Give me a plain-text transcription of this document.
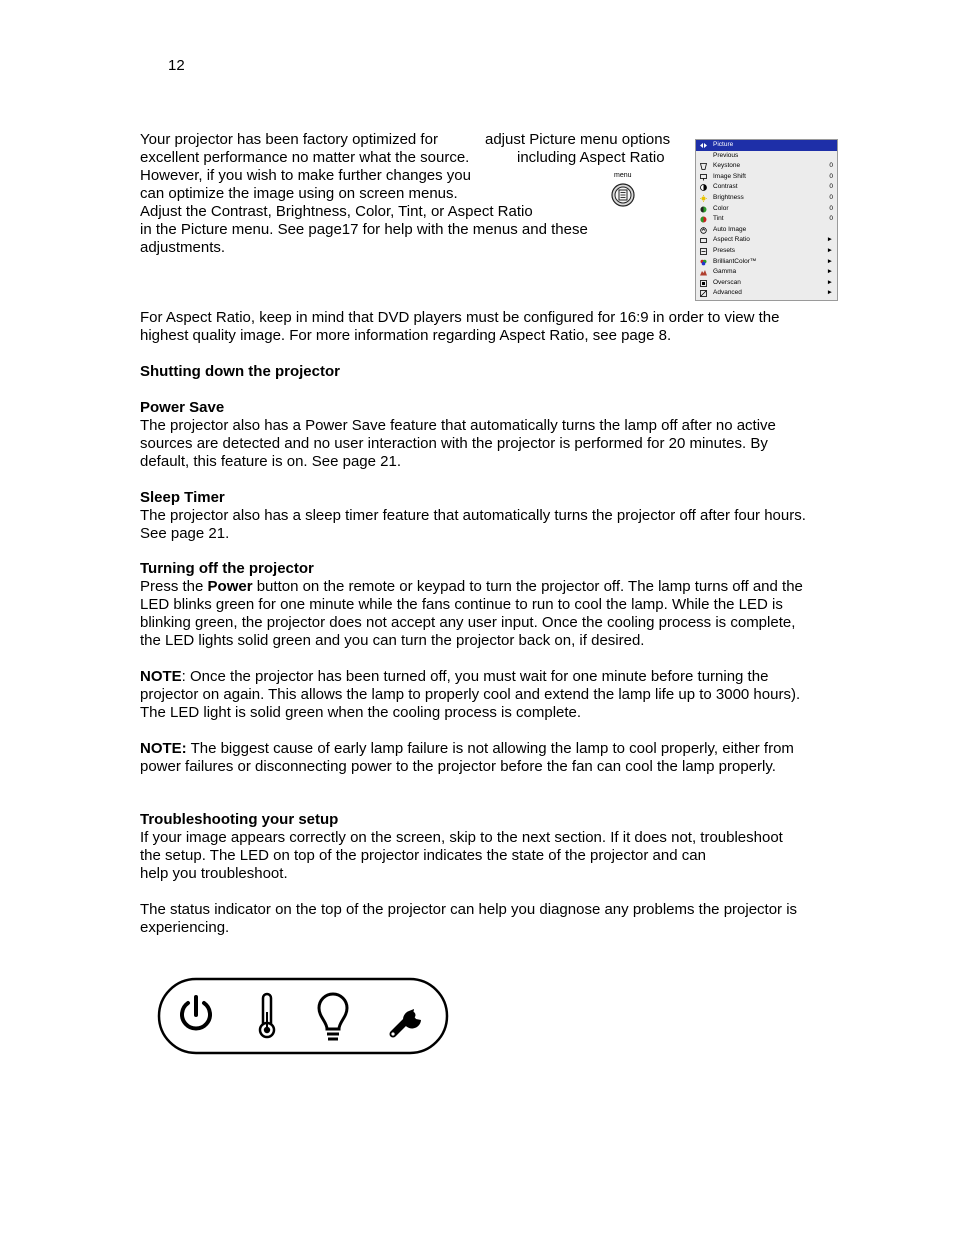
12
Your projector has been factory optimized for
excellent performance no matter what the source.
However, if you wish to make further changes you
can optimize the image using on screen menus.
Adjust the Contrast, Brightness, Color, Tint, or Aspect Ratio
in the Picture menu. See page17 for help with the menus and these
adjustments.
adjust Picture menu options
including Aspect Ratio
menu
Picture
Previous
Keystone	0
Image Shift	0
Contrast	0
Brightness	0
Color	0
Tint	0
Auto Image
Aspect Ratio	►
Presets	►
BrilliantColor™	►
Gamma	►
Overscan	►
Advanced	►

For Aspect Ratio, keep in mind that DVD players must be configured for 16:9 in order to view the highest quality image. For more information regarding Aspect Ratio, see page 8.

Shutting down the projector
Power Save

The projector also has a Power Save feature that automatically turns the lamp off after no active sources are detected and no user interaction with the projector is performed for 20 minutes. By default, this feature is on. See page 21.

Sleep Timer

The projector also has a sleep timer feature that automatically turns the projector off after four hours. See page 21.

Turning off the projector

Press the Power button on the remote or keypad to turn the projector off. The lamp turns off and the LED blinks green for one minute while the fans continue to run to cool the lamp. While the LED is blinking green, the projector does not accept any user input. Once the cooling process is complete, the LED lights solid green and you can turn the projector back on, if desired.

NOTE: Once the projector has been turned off, you must wait for one minute before turning the projector on again. This allows the lamp to properly cool and extend the lamp life up to 3000 hours). The LED light is solid green when the cooling process is complete.

NOTE: The biggest cause of early lamp failure is not allowing the lamp to cool properly, either from power failures or disconnecting power to the projector before the fan can cool the lamp properly.

Troubleshooting your setup
If your image appears correctly on the screen, skip to the next section. If it does not, troubleshoot
the setup. The LED on top of the projector indicates the state of the projector and can
help you troubleshoot.

The status indicator on the top of the projector can help you diagnose any problems the projector is experiencing.
